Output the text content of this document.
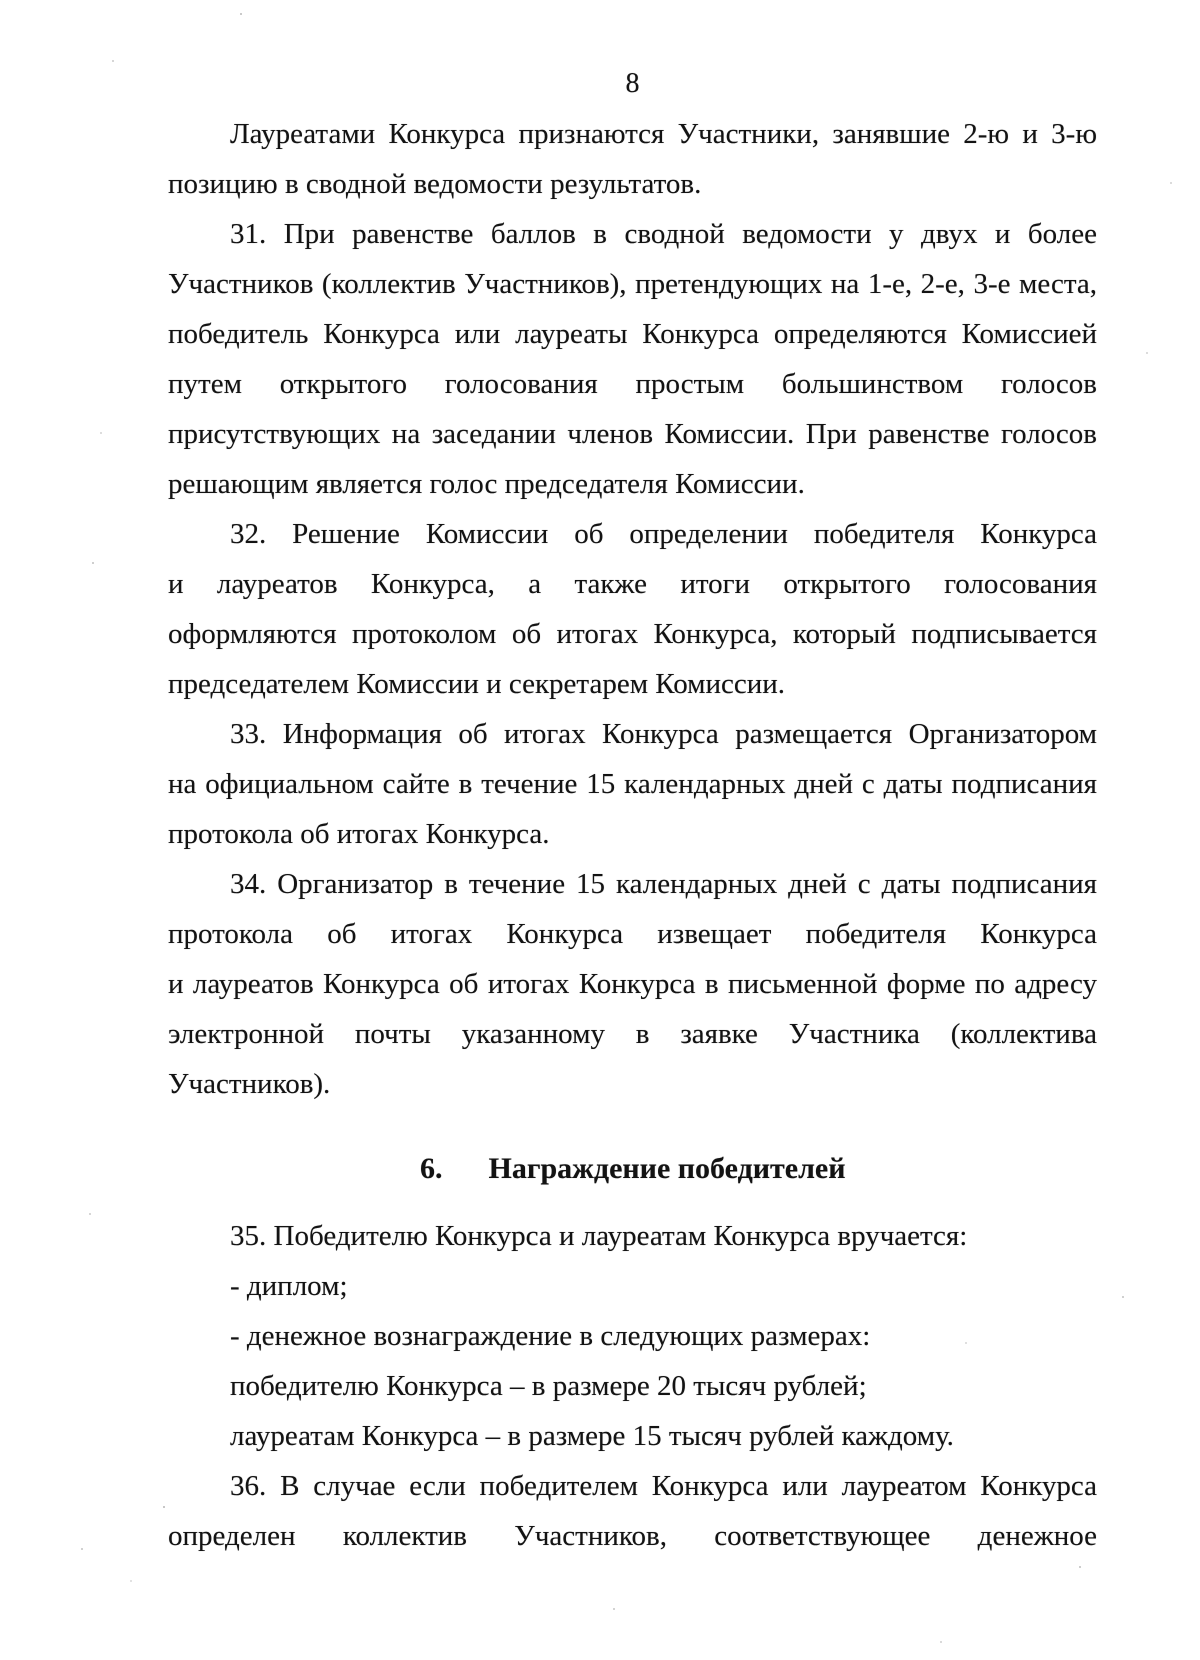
8
Лауреатами Конкурса признаются Участники, занявшие 2-ю и 3-ю
позицию в сводной ведомости результатов.
31. При равенстве баллов в сводной ведомости у двух и более
Участников (коллектив Участников), претендующих на 1-е, 2-е, 3-е места,
победитель Конкурса или лауреаты Конкурса определяются Комиссией
путем открытого голосования простым большинством голосов
присутствующих на заседании членов Комиссии. При равенстве голосов
решающим является голос председателя Комиссии.
32. Решение Комиссии об определении победителя Конкурса
и лауреатов Конкурса, а также итоги открытого голосования
оформляются протоколом об итогах Конкурса, который подписывается
председателем Комиссии и секретарем Комиссии.
33. Информация об итогах Конкурса размещается Организатором
на официальном сайте в течение 15 календарных дней с даты подписания
протокола об итогах Конкурса.
34. Организатор в течение 15 календарных дней с даты подписания
протокола об итогах Конкурса извещает победителя Конкурса
и лауреатов Конкурса об итогах Конкурса в письменной форме по адресу
электронной почты указанному в заявке Участника (коллектива
Участников).
6. Награждение победителей
35. Победителю Конкурса и лауреатам Конкурса вручается:
- диплом;
- денежное вознаграждение в следующих размерах:
победителю Конкурса – в размере 20 тысяч рублей;
лауреатам Конкурса – в размере 15 тысяч рублей каждому.
36. В случае если победителем Конкурса или лауреатом Конкурса
определен коллектив Участников, соответствующее денежное
